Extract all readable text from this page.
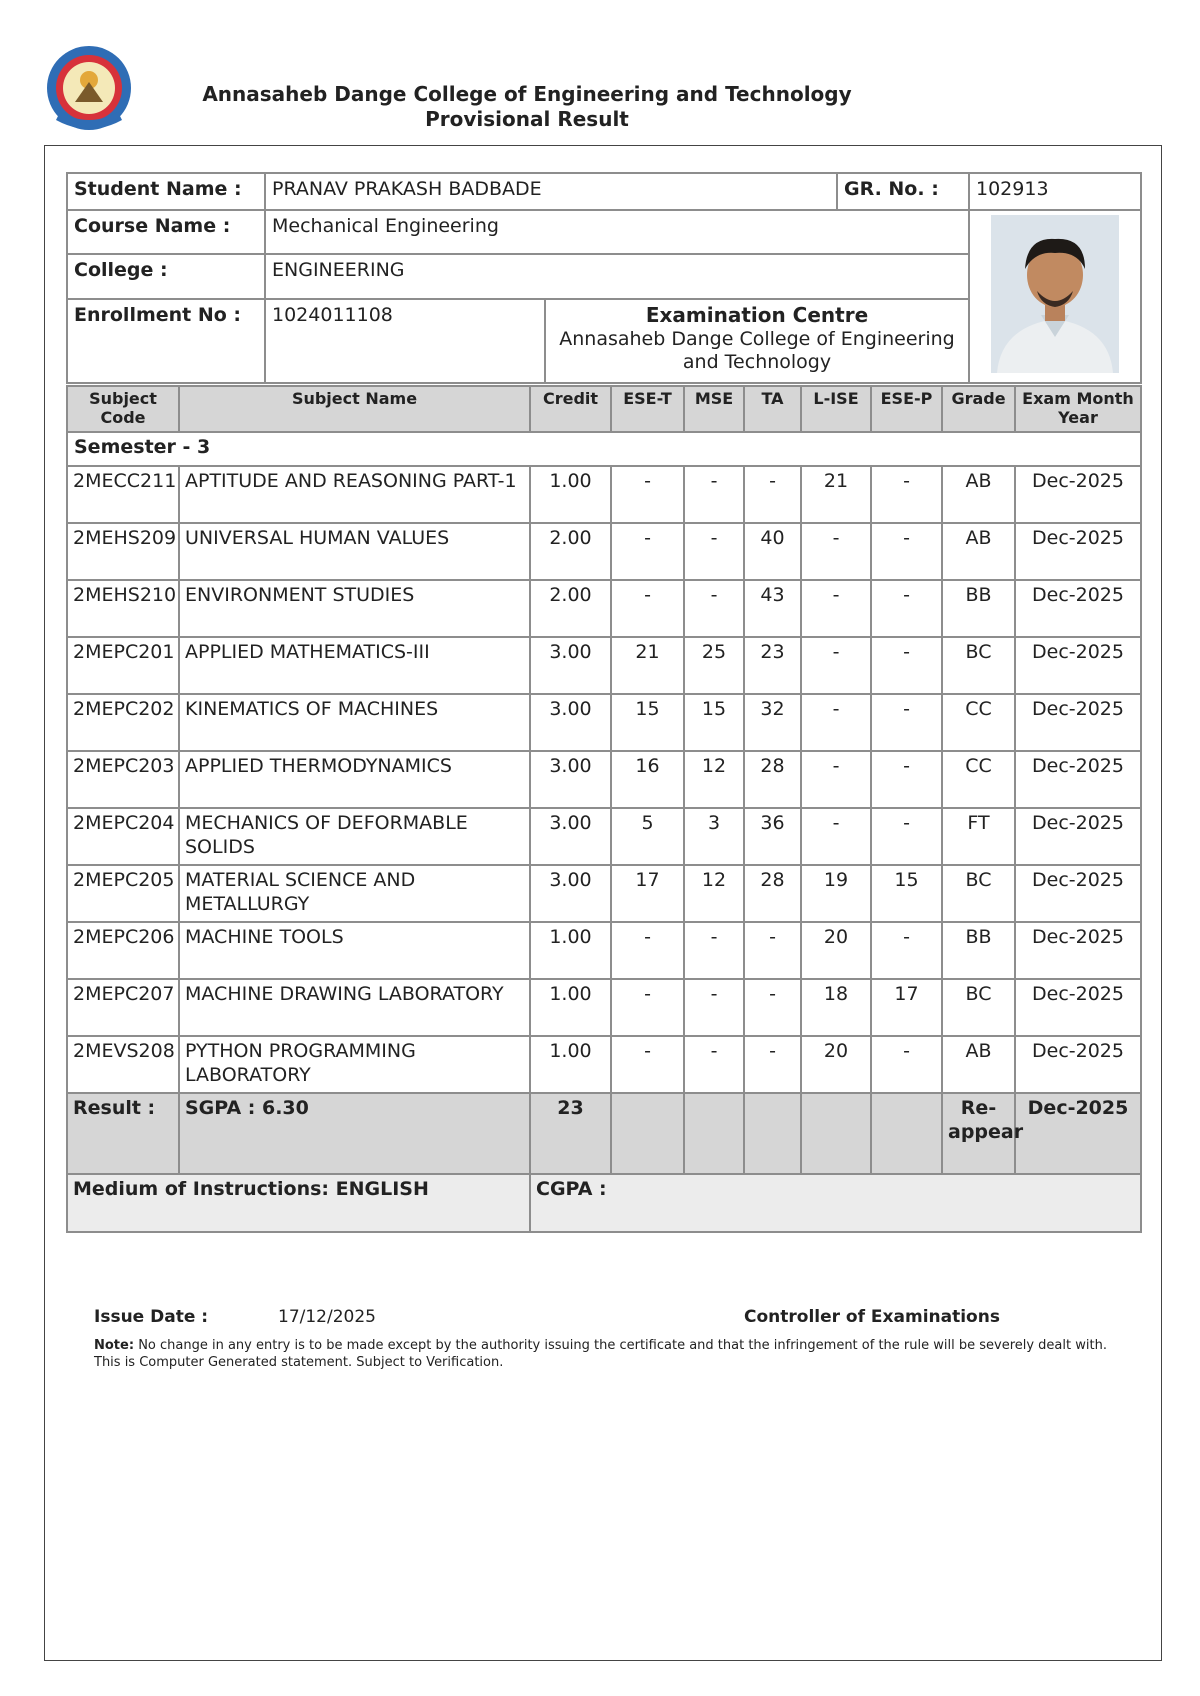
Annasaheb Dange College of Engineering and Technology
Provisional Result
Student Name :	PRANAV PRAKASH BADBADE		GR. No. :	102913
Course Name :	Mechanical Engineering	
College :	ENGINEERING			
Enrollment No :	1024011108	Examination Centre
Annasaheb Dange College of Engineering and Technology		
Subject Code	Subject Name	Credit	ESE-T	MSE	TA	L-ISE	ESE-P	Grade	Exam Month Year
Semester - 3									
2MECC211	APTITUDE AND REASONING PART-1	1.00	-	-	-	21	-	AB	Dec-2025
2MEHS209	UNIVERSAL HUMAN VALUES	2.00	-	-	40	-	-	AB	Dec-2025
2MEHS210	ENVIRONMENT STUDIES	2.00	-	-	43	-	-	BB	Dec-2025
2MEPC201	APPLIED MATHEMATICS-III	3.00	21	25	23	-	-	BC	Dec-2025
2MEPC202	KINEMATICS OF MACHINES	3.00	15	15	32	-	-	CC	Dec-2025
2MEPC203	APPLIED THERMODYNAMICS	3.00	16	12	28	-	-	CC	Dec-2025
2MEPC204	MECHANICS OF DEFORMABLE SOLIDS	3.00	5	3	36	-	-	FT	Dec-2025
2MEPC205	MATERIAL SCIENCE AND METALLURGY	3.00	17	12	28	19	15	BC	Dec-2025
2MEPC206	MACHINE TOOLS	1.00	-	-	-	20	-	BB	Dec-2025
2MEPC207	MACHINE DRAWING LABORATORY	1.00	-	-	-	18	17	BC	Dec-2025
2MEVS208	PYTHON PROGRAMMING LABORATORY	1.00	-	-	-	20	-	AB	Dec-2025
Result :	SGPA : 6.30	23						Re-appear	Dec-2025
Medium of Instructions: ENGLISH		CGPA :							
Issue Date :	17/12/2025	Controller of Examinations
Note: No change in any entry is to be made except by the authority issuing the certificate and that the infringement of the rule will be severely dealt with. This is Computer Generated statement. Subject to Verification.
